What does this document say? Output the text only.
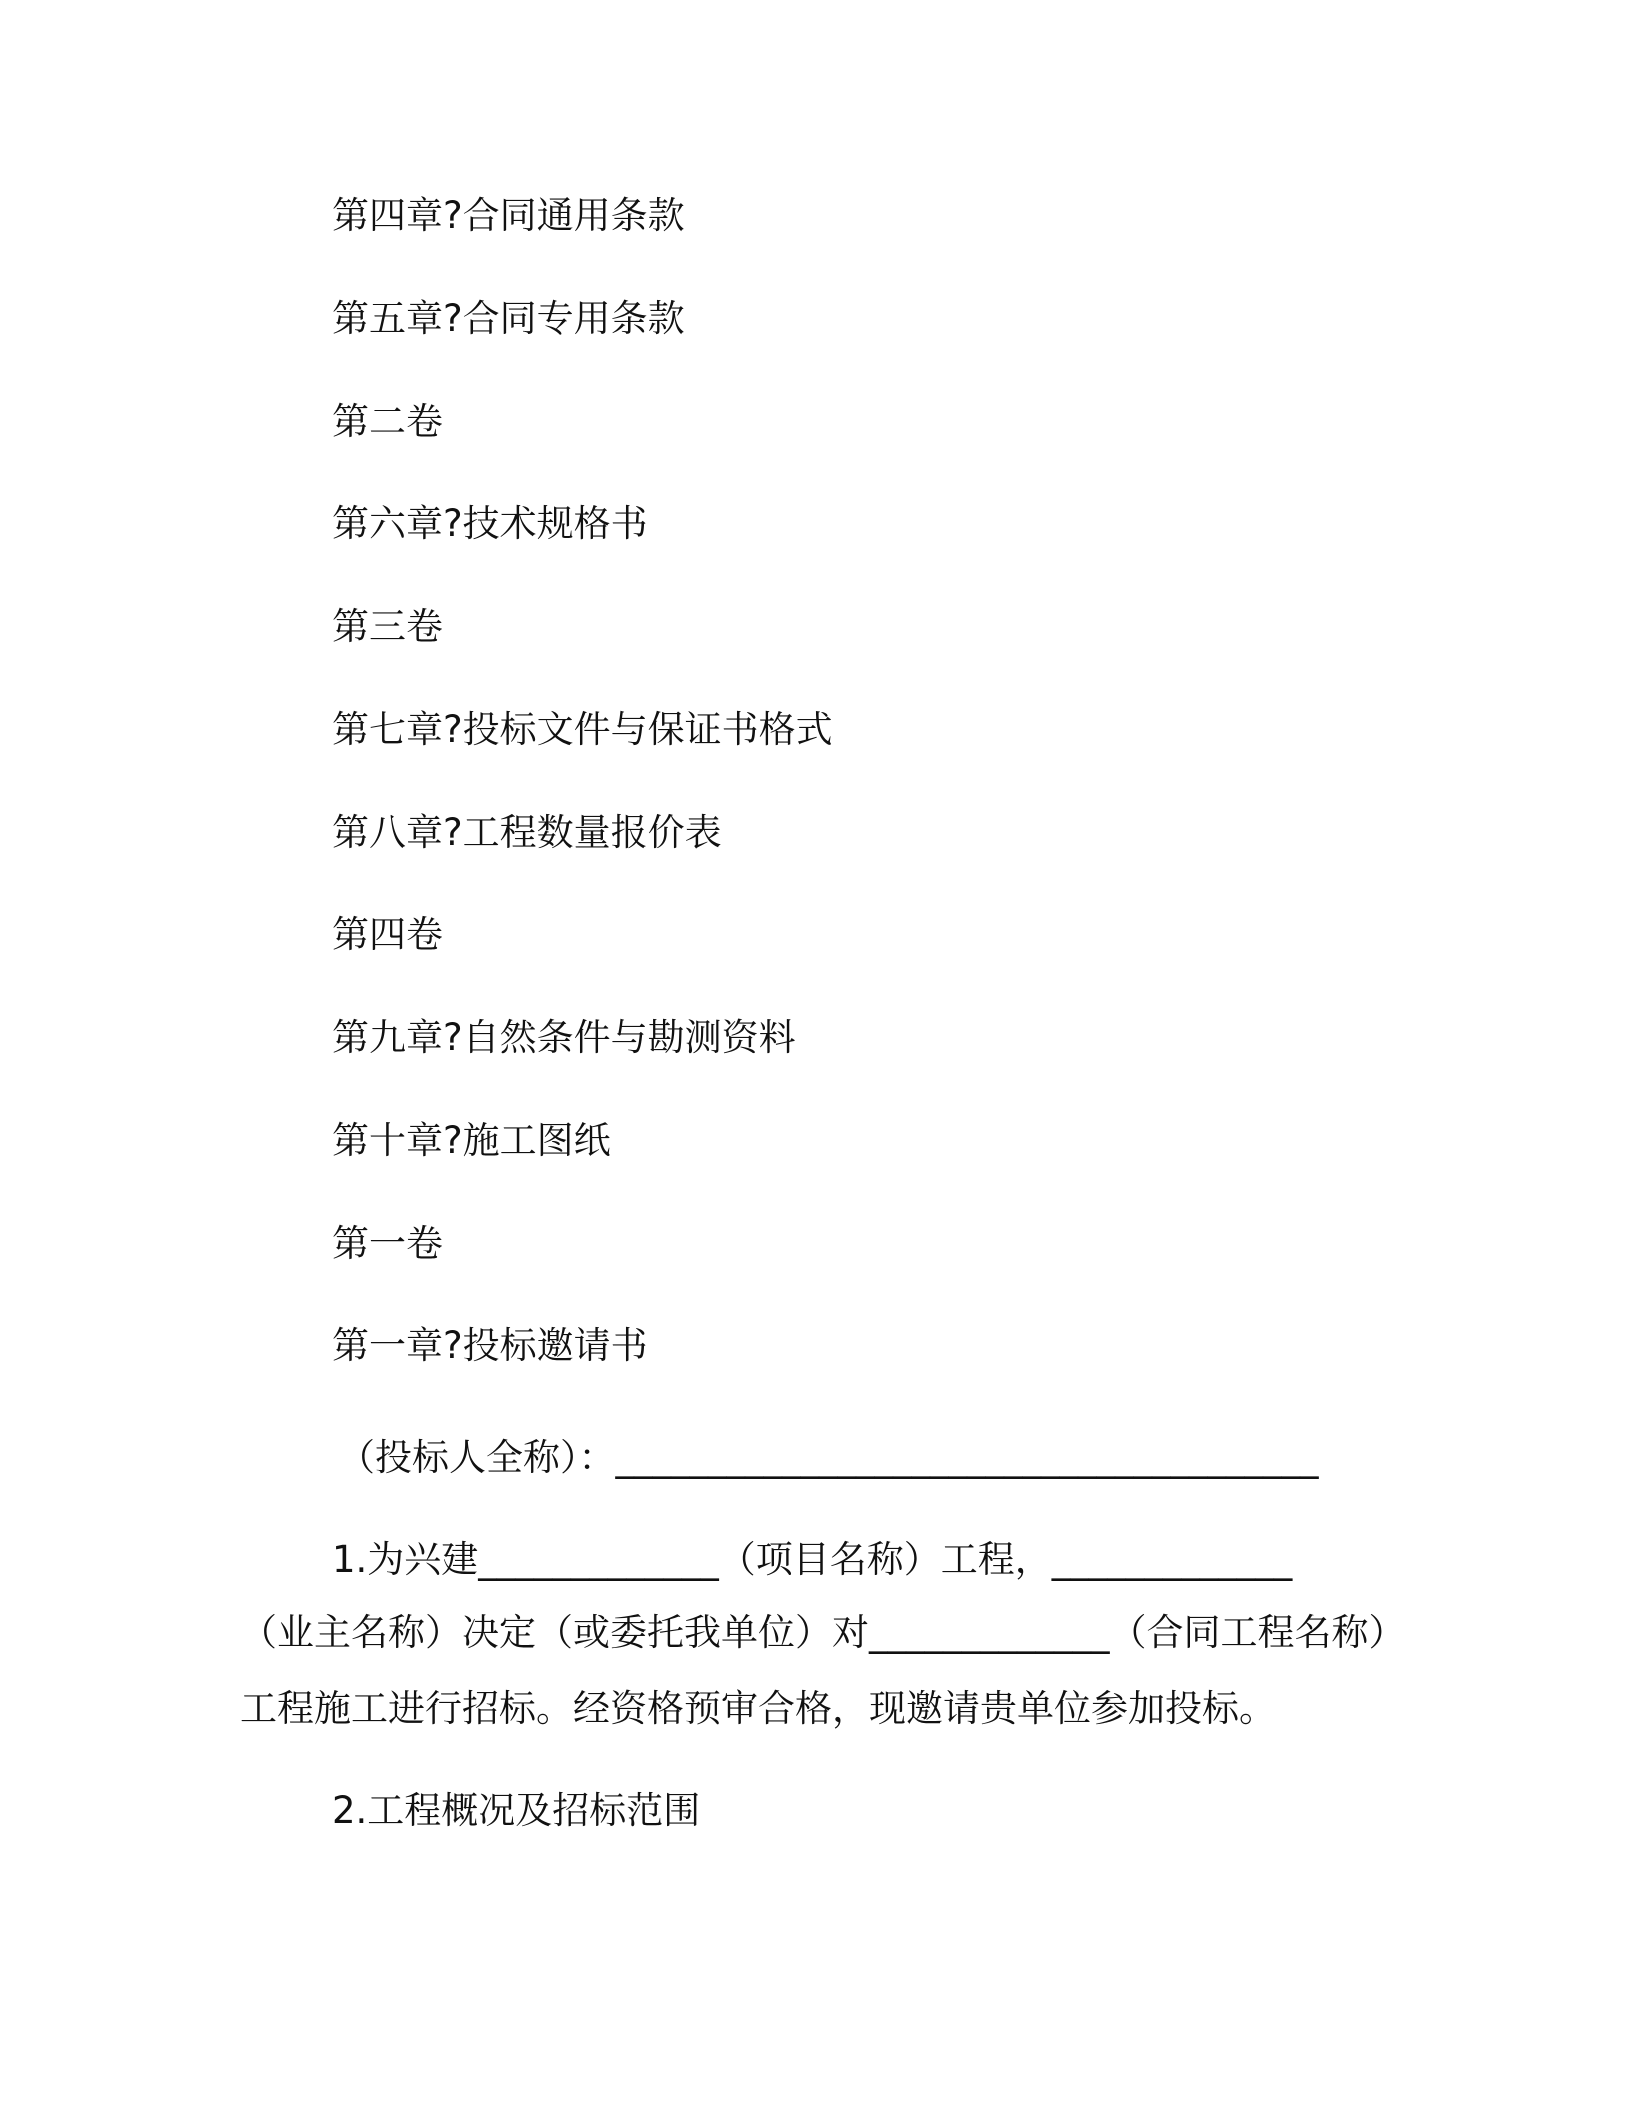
第四章?合同通用条款
第五章?合同专用条款
第二卷
第六章?技术规格书
第三卷
第七章?投标文件与保证书格式
第八章?工程数量报价表
第四卷
第九章?自然条件与勘测资料
第十章?施工图纸
第一卷
第一章?投标邀请书
（投标人全称）：______________________________________
1.为兴建_____________（项目名称）工程，_____________
（业主名称）决定（或委托我单位）对_____________（合同工程名称）
工程施工进行招标。经资格预审合格，现邀请贵单位参加投标。
2.工程概况及招标范围
